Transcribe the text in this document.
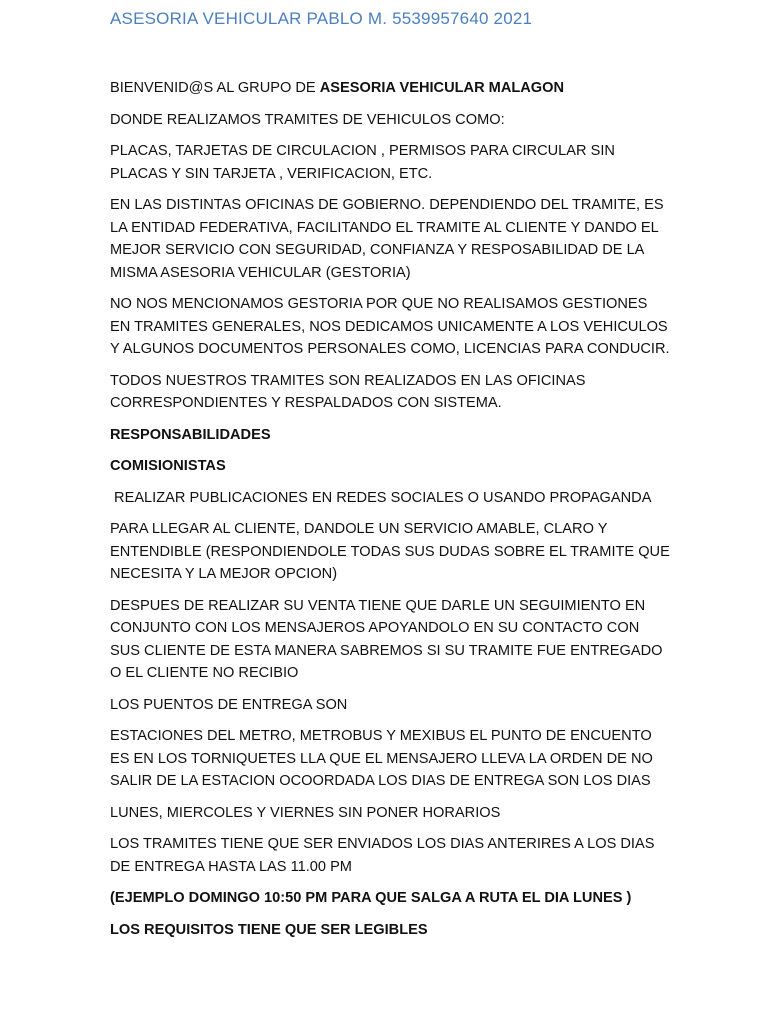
ASESORIA VEHICULAR PABLO M. 5539957640 2021

BIENVENID@S AL GRUPO DE ASESORIA VEHICULAR MALAGON

DONDE REALIZAMOS TRAMITES DE VEHICULOS COMO:

PLACAS, TARJETAS DE CIRCULACION , PERMISOS PARA CIRCULAR SIN PLACAS Y SIN TARJETA , VERIFICACION, ETC.

EN LAS DISTINTAS OFICINAS DE GOBIERNO. DEPENDIENDO DEL TRAMITE, ES LA ENTIDAD FEDERATIVA, FACILITANDO EL TRAMITE AL CLIENTE Y DANDO EL MEJOR SERVICIO CON SEGURIDAD, CONFIANZA Y RESPOSABILIDAD DE LA MISMA ASESORIA VEHICULAR (GESTORIA)

NO NOS MENCIONAMOS GESTORIA POR QUE NO REALISAMOS GESTIONES EN TRAMITES GENERALES, NOS DEDICAMOS UNICAMENTE A LOS VEHICULOS Y ALGUNOS DOCUMENTOS PERSONALES COMO, LICENCIAS PARA CONDUCIR.

TODOS NUESTROS TRAMITES SON REALIZADOS EN LAS OFICINAS CORRESPONDIENTES Y RESPALDADOS CON SISTEMA.

RESPONSABILIDADES

COMISIONISTAS

REALIZAR PUBLICACIONES EN REDES SOCIALES O USANDO PROPAGANDA

PARA LLEGAR AL CLIENTE, DANDOLE UN SERVICIO AMABLE, CLARO Y ENTENDIBLE (RESPONDIENDOLE TODAS SUS DUDAS SOBRE EL TRAMITE QUE NECESITA Y LA MEJOR OPCION)

DESPUES DE REALIZAR SU VENTA TIENE QUE DARLE UN SEGUIMIENTO EN CONJUNTO CON LOS MENSAJEROS APOYANDOLO EN SU CONTACTO CON SUS CLIENTE DE ESTA MANERA SABREMOS SI SU TRAMITE FUE ENTREGADO O EL CLIENTE NO RECIBIO

LOS PUENTOS DE ENTREGA SON

ESTACIONES DEL METRO, METROBUS Y MEXIBUS EL PUNTO DE ENCUENTO ES EN LOS TORNIQUETES LLA QUE EL MENSAJERO LLEVA LA ORDEN DE NO SALIR DE LA ESTACION OCOORDADA LOS DIAS DE ENTREGA SON LOS DIAS

LUNES, MIERCOLES Y VIERNES SIN PONER HORARIOS

LOS TRAMITES TIENE QUE SER ENVIADOS LOS DIAS ANTERIRES A LOS DIAS DE ENTREGA HASTA LAS 11.00 PM

(EJEMPLO DOMINGO 10:50 PM PARA QUE SALGA A RUTA EL DIA LUNES )

LOS REQUISITOS TIENE QUE SER LEGIBLES
